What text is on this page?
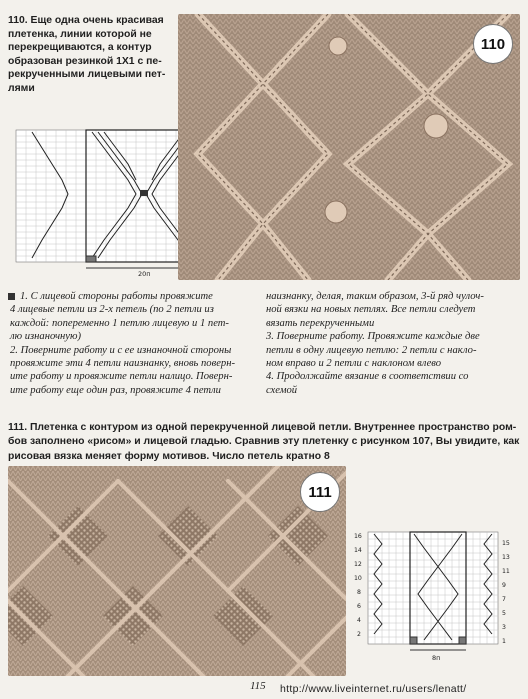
110. Еще одна очень красивая
плетенка, линии которой не
перекрещиваются, а контур
образован резинкой 1Х1 с пе-
рекрученными лицевыми пет-
лями
20п
110
1. С лицевой стороны работы провяжите
4 лицевые петли из 2-х петель (по 2 петли из
каждой: попеременно 1 петлю лицевую и 1 пет-
лю изнаночную)
2. Поверните работу и с ее изнаночной стороны
провяжите эти 4 петли наизнанку, вновь поверн-
ите работу и провяжите петли налицо. Поверн-
ите работу еще один раз, провяжите 4 петли
наизнанку, делая, таким образом, 3-й ряд чулоч-
ной вязки на новых петлях. Все петли следует
вязать перекрученными
3. Поверните работу. Провяжите каждые две
петли в одну лицевую петлю: 2 петли с накло-
ном вправо и 2 петли с наклоном влево
4. Продолжайте вязание в соответствии со
схемой
111. Плетенка с контуром из одной перекрученной лицевой петли. Внутреннее пространство ром-
бов заполнено «рисом» и лицевой гладью. Сравнив эту плетенку с рисунком 107, Вы увидите, как
рисовая вязка меняет форму мотивов. Число петель кратно 8
111
16
14
12
10
8
6
4
2
15
13
11
9
7
5
3
1
8п
115 http://www.liveinternet.ru/users/lenatt/
